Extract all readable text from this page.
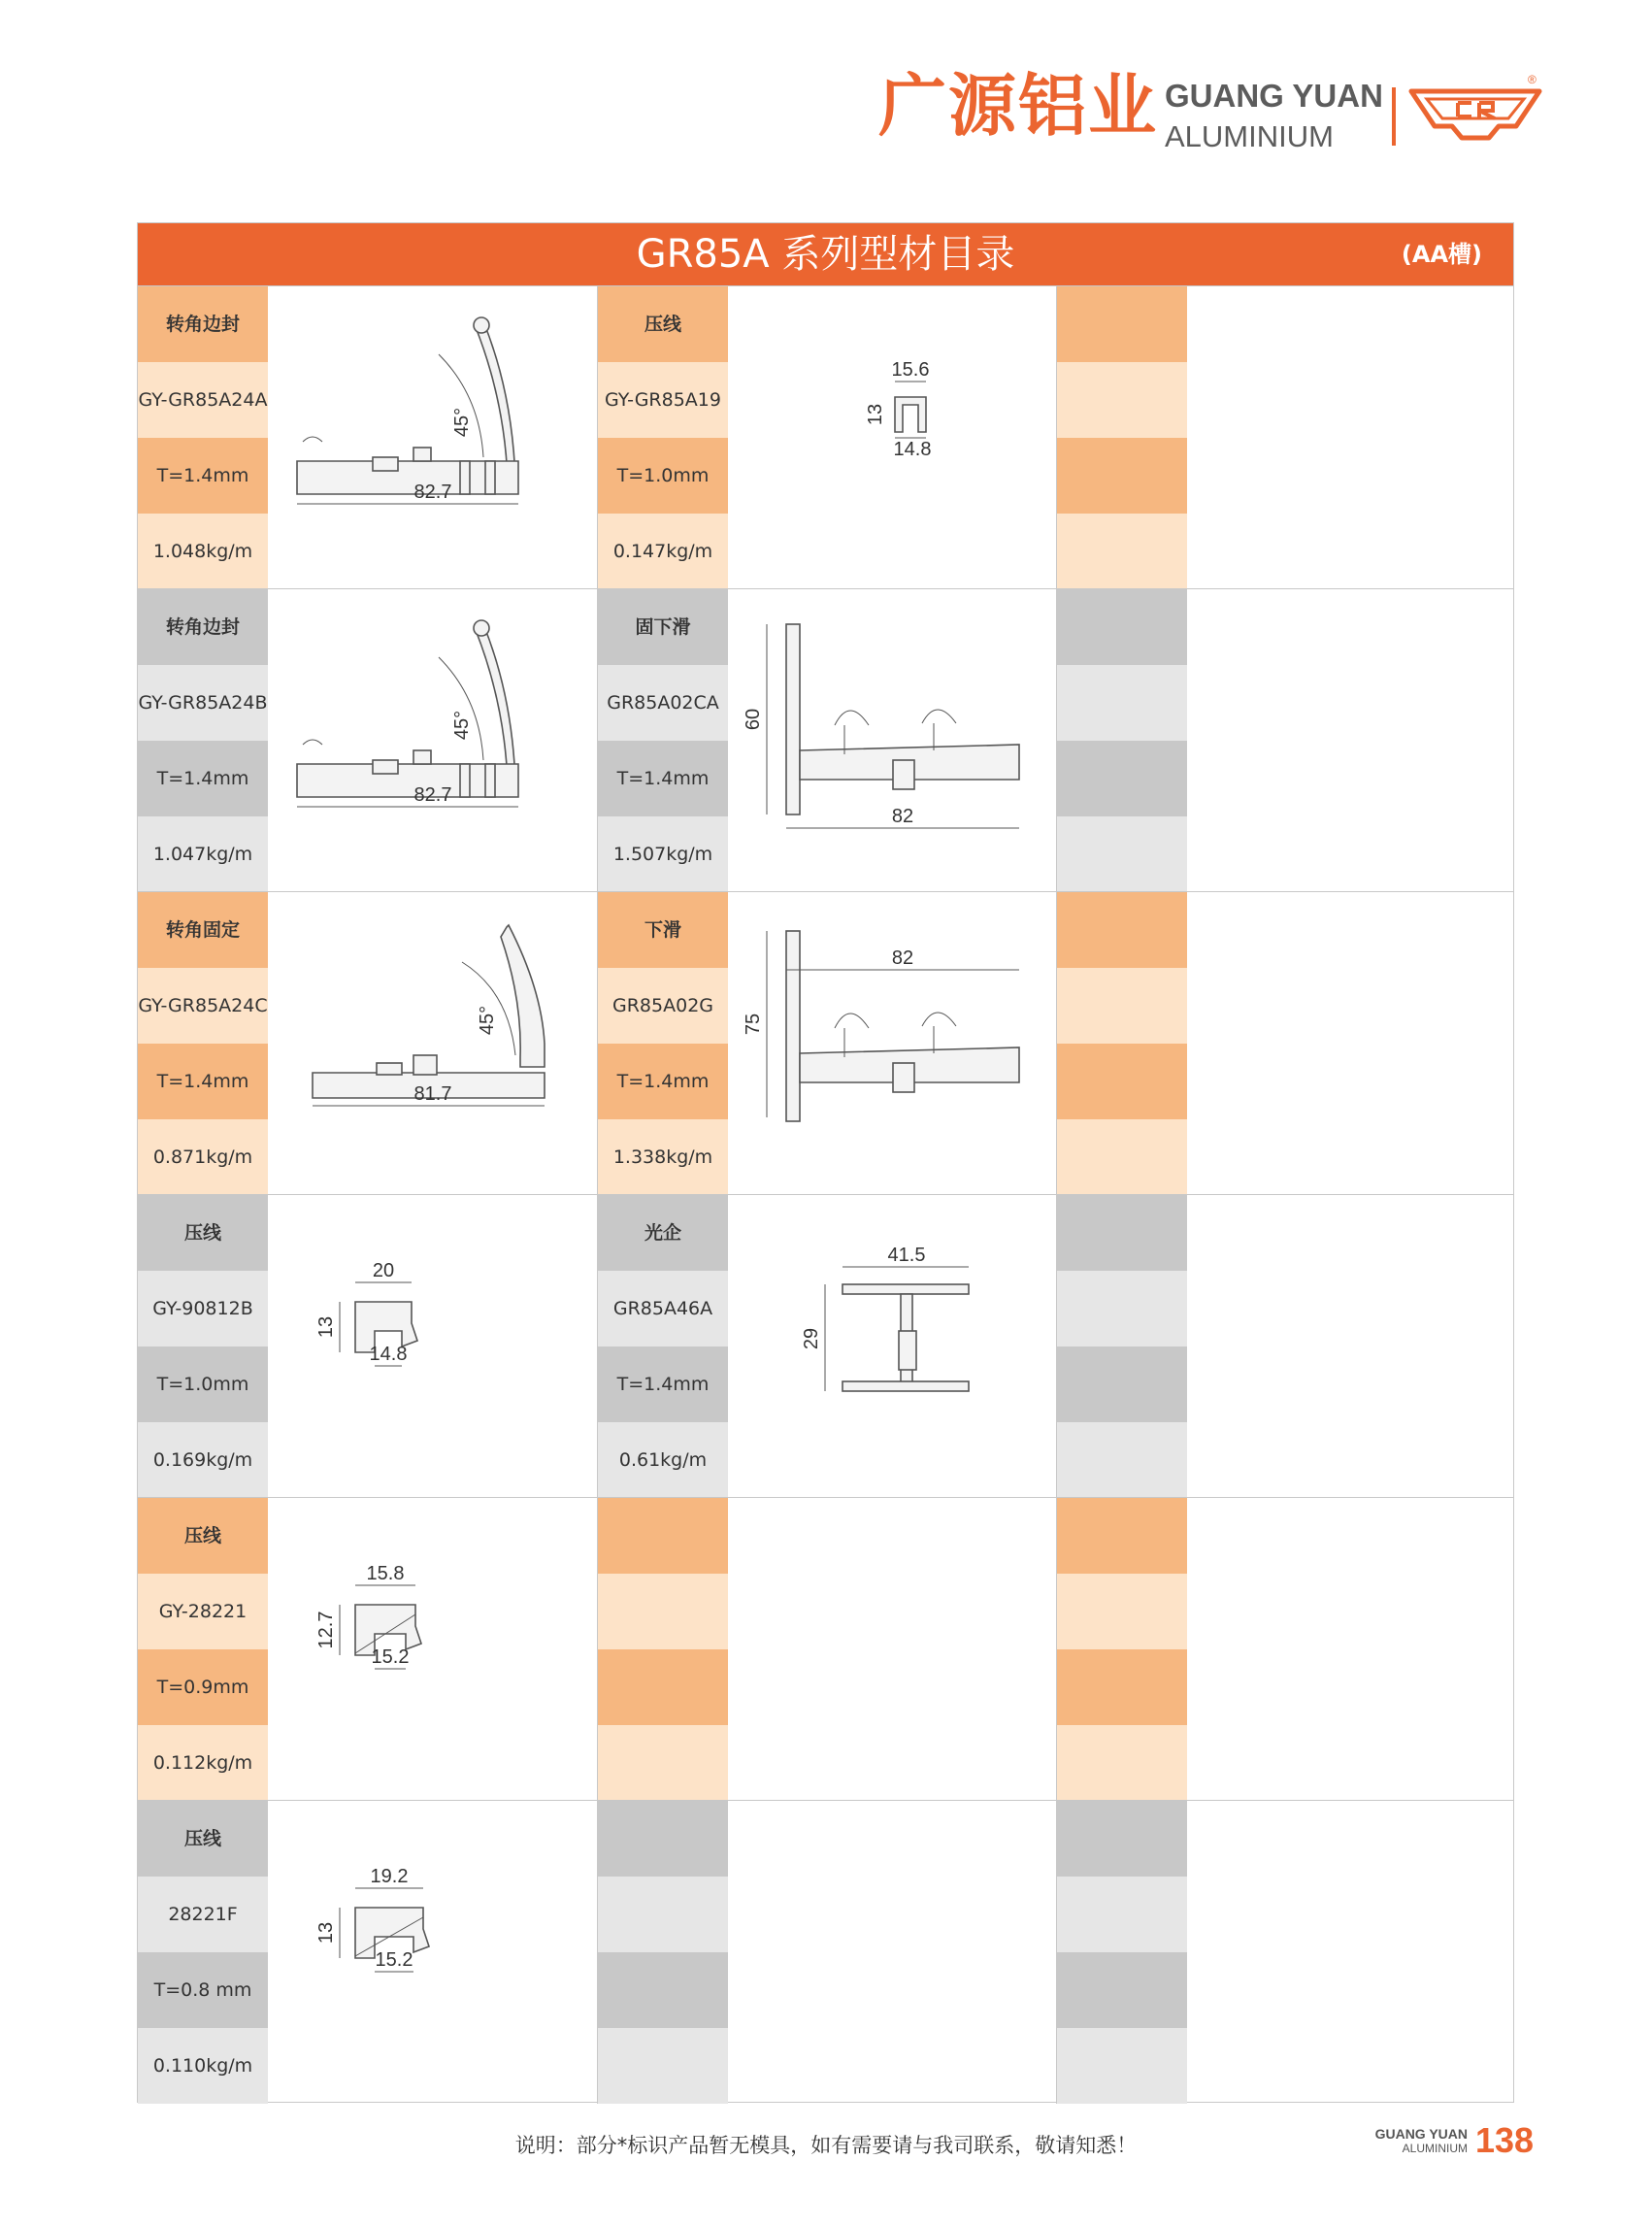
广源铝业 GUANG YUAN
ALUMINIUM
®
GR85A 系列型材目录	(AA槽)
转角边封
GY-GR85A24A
T=1.4mm
1.048kg/m
45°
82.7
压线
GY-GR85A19
T=1.0mm
0.147kg/m
15.6
13
14.8
转角边封
GY-GR85A24B
T=1.4mm
1.047kg/m
45°
82.7
固下滑
GR85A02CA
T=1.4mm
1.507kg/m
60
82
转角固定
GY-GR85A24C
T=1.4mm
0.871kg/m
45°
81.7
下滑
GR85A02G
T=1.4mm
1.338kg/m
82
75
压线
GY-90812B
T=1.0mm
0.169kg/m
20
13
14.8
光企
GR85A46A
T=1.4mm
0.61kg/m
41.5
29
压线
GY-28221
T=0.9mm
0.112kg/m
15.8
12.7
15.2
压线
28221F
T=0.8 mm
0.110kg/m
19.2
13
15.2
说明：部分*标识产品暂无模具，如有需要请与我司联系，敬请知悉！	GUANG YUAN
ALUMINIUM 138
